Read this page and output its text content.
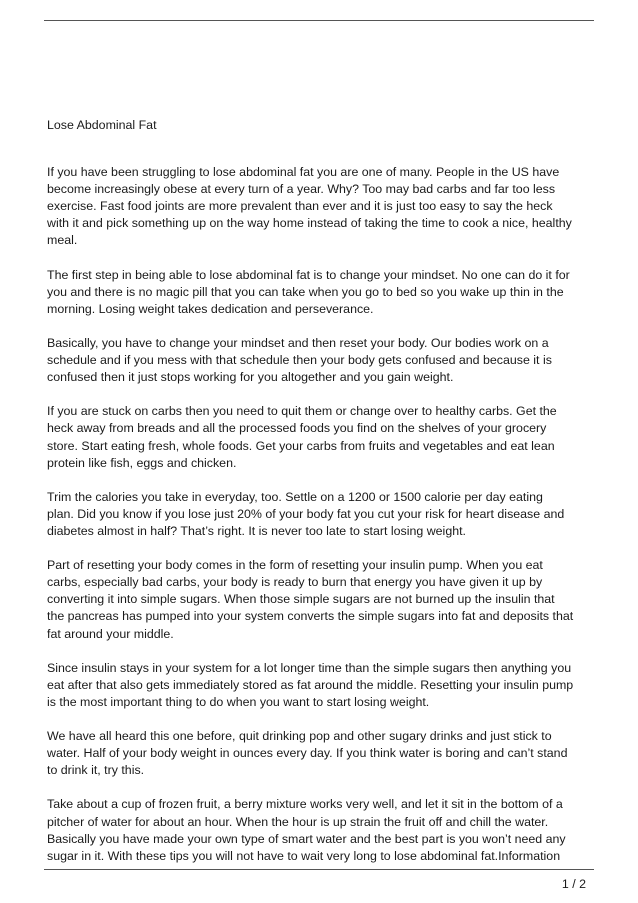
Lose Abdominal Fat

If you have been struggling to lose abdominal fat you are one of many. People in the US have
become increasingly obese at every turn of a year. Why? Too may bad carbs and far too less
exercise. Fast food joints are more prevalent than ever and it is just too easy to say the heck
with it and pick something up on the way home instead of taking the time to cook a nice, healthy
meal.

The first step in being able to lose abdominal fat is to change your mindset. No one can do it for
you and there is no magic pill that you can take when you go to bed so you wake up thin in the
morning. Losing weight takes dedication and perseverance.

Basically, you have to change your mindset and then reset your body. Our bodies work on a
schedule and if you mess with that schedule then your body gets confused and because it is
confused then it just stops working for you altogether and you gain weight.

If you are stuck on carbs then you need to quit them or change over to healthy carbs. Get the
heck away from breads and all the processed foods you find on the shelves of your grocery
store. Start eating fresh, whole foods. Get your carbs from fruits and vegetables and eat lean
protein like fish, eggs and chicken.

Trim the calories you take in everyday, too. Settle on a 1200 or 1500 calorie per day eating
plan. Did you know if you lose just 20% of your body fat you cut your risk for heart disease and
diabetes almost in half? That’s right. It is never too late to start losing weight.

Part of resetting your body comes in the form of resetting your insulin pump. When you eat
carbs, especially bad carbs, your body is ready to burn that energy you have given it up by
converting it into simple sugars. When those simple sugars are not burned up the insulin that
the pancreas has pumped into your system converts the simple sugars into fat and deposits that
fat around your middle.

Since insulin stays in your system for a lot longer time than the simple sugars then anything you
eat after that also gets immediately stored as fat around the middle. Resetting your insulin pump
is the most important thing to do when you want to start losing weight.

We have all heard this one before, quit drinking pop and other sugary drinks and just stick to
water. Half of your body weight in ounces every day. If you think water is boring and can’t stand
to drink it, try this.

Take about a cup of frozen fruit, a berry mixture works very well, and let it sit in the bottom of a
pitcher of water for about an hour. When the hour is up strain the fruit off and chill the water.
Basically you have made your own type of smart water and the best part is you won’t need any
sugar in it. With these tips you will not have to wait very long to lose abdominal fat.Information

1 / 2
